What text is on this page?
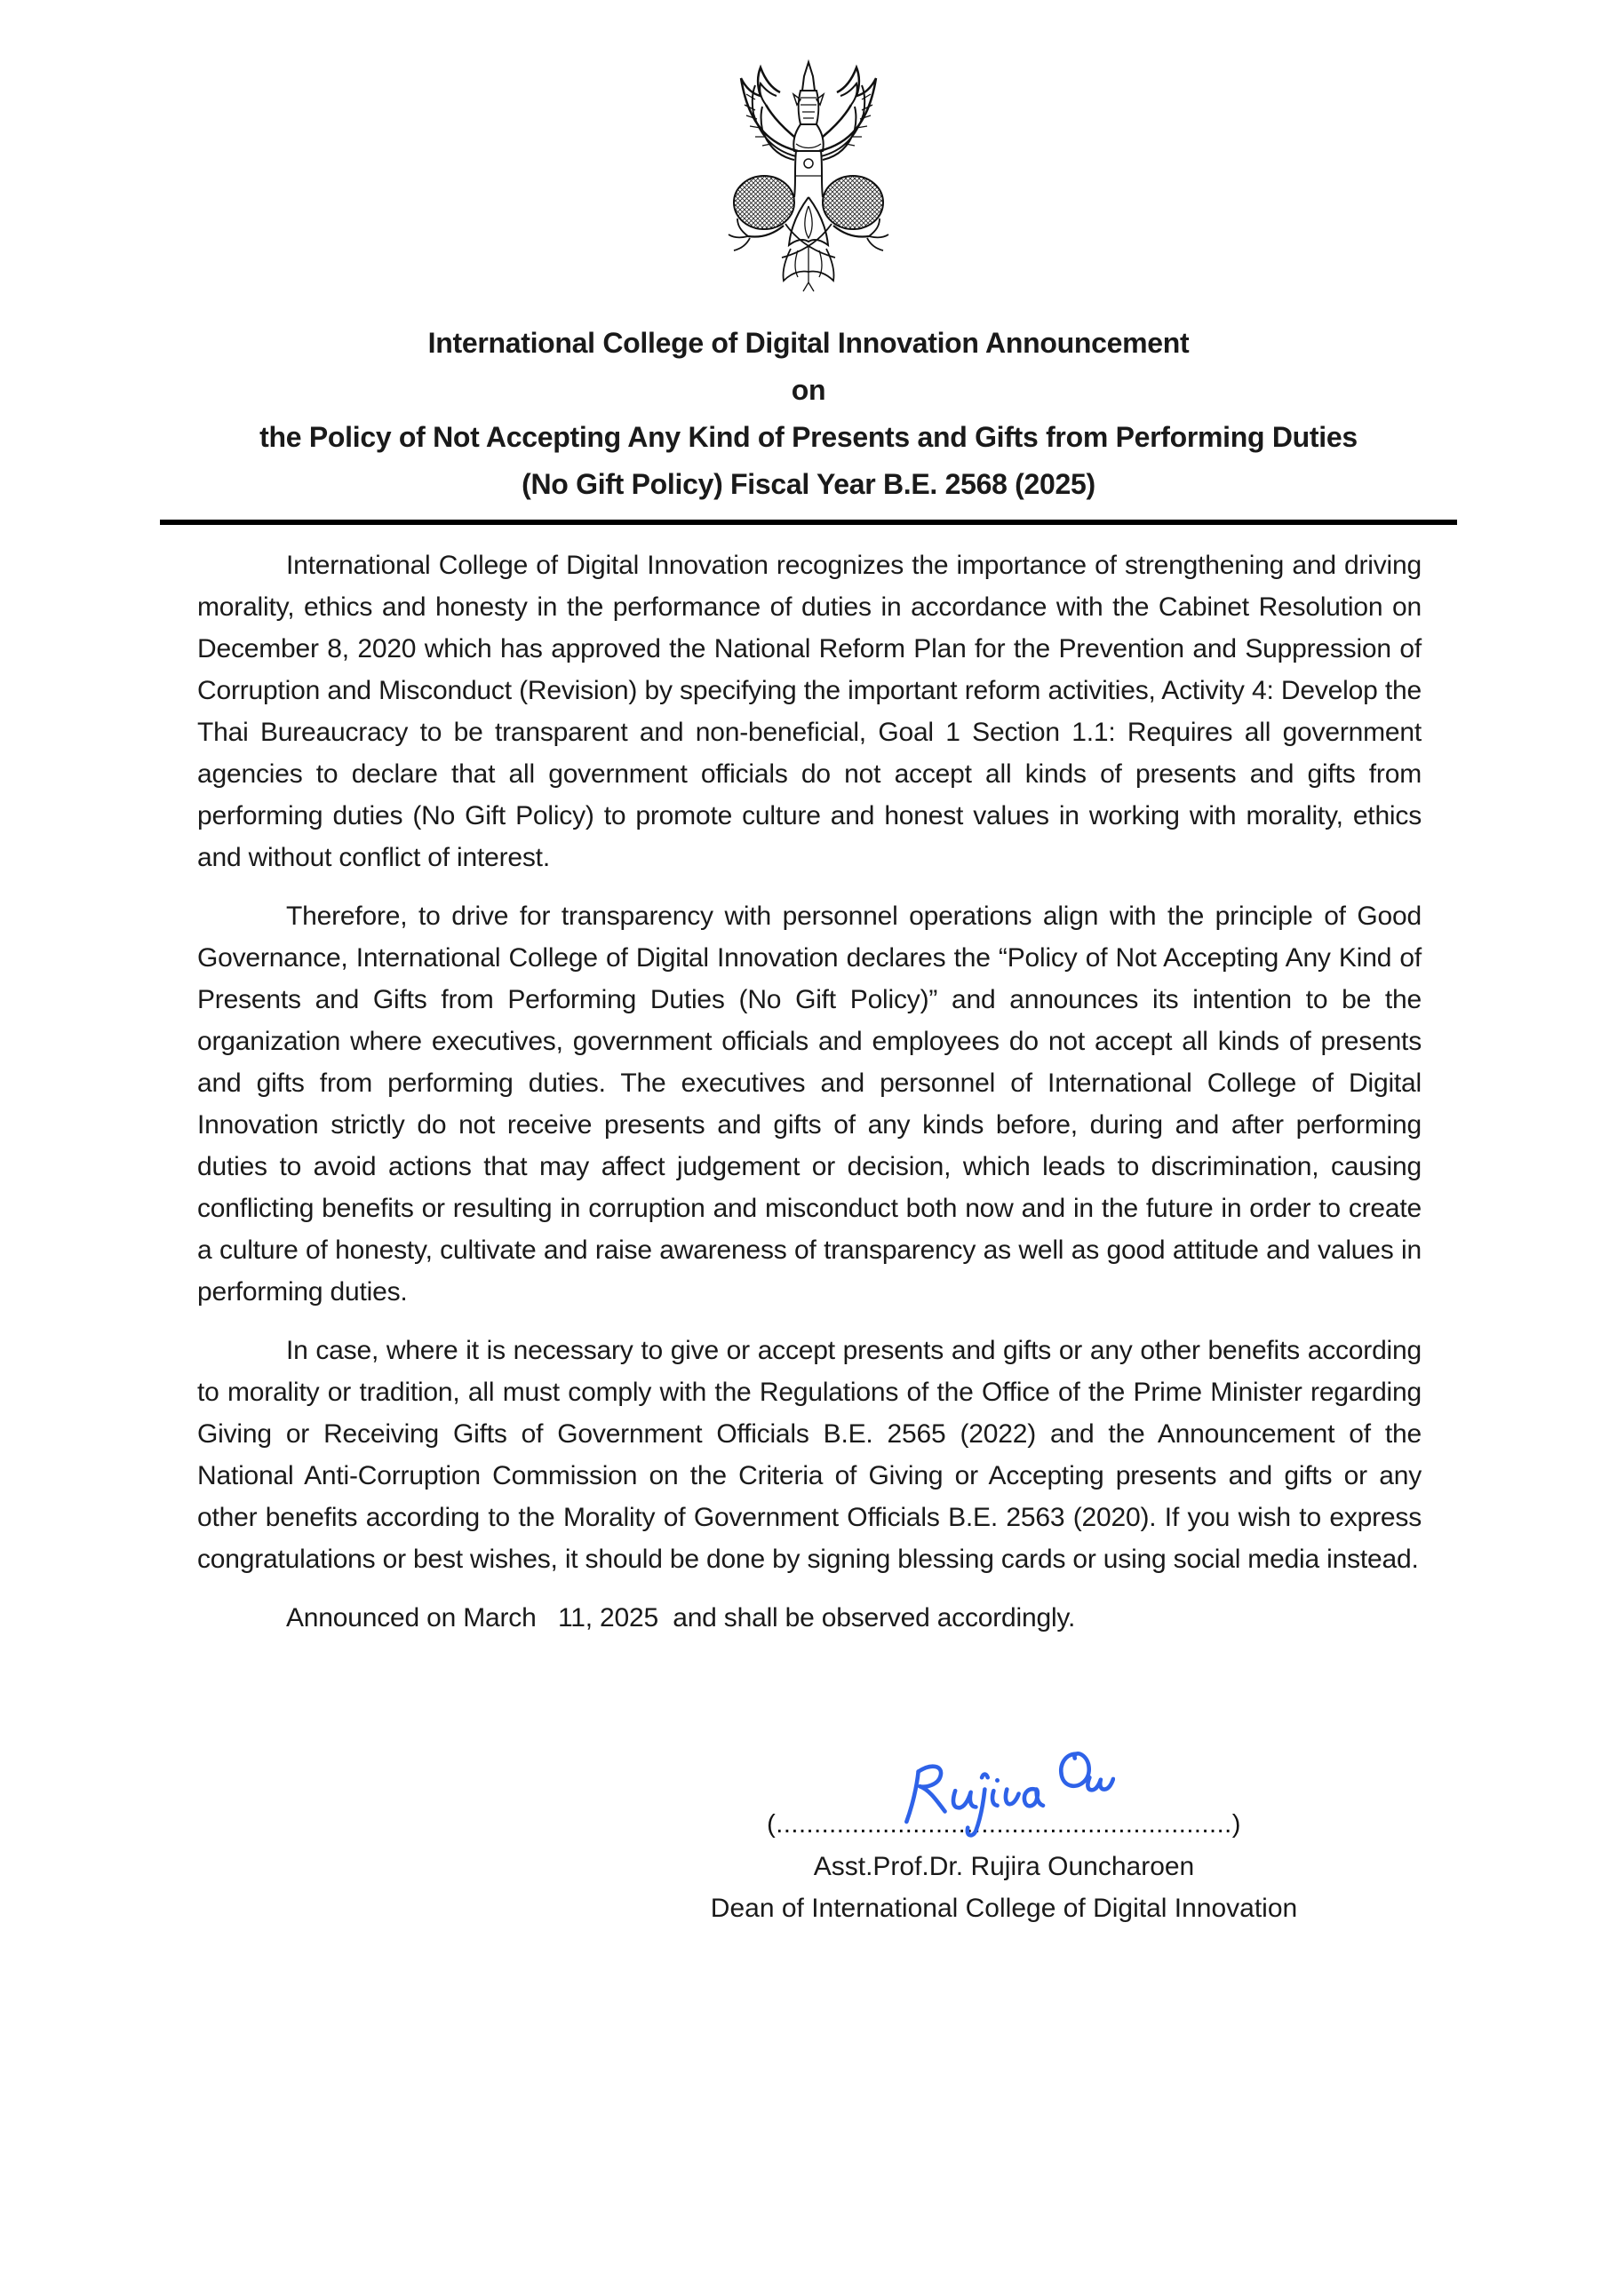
International College of Digital Innovation Announcement
on
the Policy of Not Accepting Any Kind of Presents and Gifts from Performing Duties
(No Gift Policy) Fiscal Year B.E. 2568 (2025)

International College of Digital Innovation recognizes the importance of strengthening and driving morality, ethics and honesty in the performance of duties in accordance with the Cabinet Resolution on December 8, 2020 which has approved the National Reform Plan for the Prevention and Suppression of Corruption and Misconduct (Revision) by specifying the important reform activities, Activity 4: Develop the Thai Bureaucracy to be transparent and non-beneficial, Goal 1 Section 1.1: Requires all government agencies to declare that all government officials do not accept all kinds of presents and gifts from performing duties (No Gift Policy) to promote culture and honest values in working with morality, ethics and without conflict of interest.

Therefore, to drive for transparency with personnel operations align with the principle of Good Governance, International College of Digital Innovation declares the “Policy of Not Accepting Any Kind of Presents and Gifts from Performing Duties (No Gift Policy)” and announces its intention to be the organization where executives, government officials and employees do not accept all kinds of presents and gifts from performing duties. The executives and personnel of International College of Digital Innovation strictly do not receive presents and gifts of any kinds before, during and after performing duties to avoid actions that may affect judgement or decision, which leads to discrimination, causing conflicting benefits or resulting in corruption and misconduct both now and in the future in order to create a culture of honesty, cultivate and raise awareness of transparency as well as good attitude and values in performing duties.

In case, where it is necessary to give or accept presents and gifts or any other benefits according to morality or tradition, all must comply with the Regulations of the Office of the Prime Minister regarding Giving or Receiving Gifts of Government Officials B.E. 2565 (2022) and the Announcement of the National Anti-Corruption Commission on the Criteria of Giving or Accepting presents and gifts or any other benefits according to the Morality of Government Officials B.E. 2563 (2020). If you wish to express congratulations or best wishes, it should be done by signing blessing cards or using social media instead.

Announced on March   11, 2025  and shall be observed accordingly.

(............................................................)
Asst.Prof.Dr. Rujira Ouncharoen
Dean of International College of Digital Innovation
